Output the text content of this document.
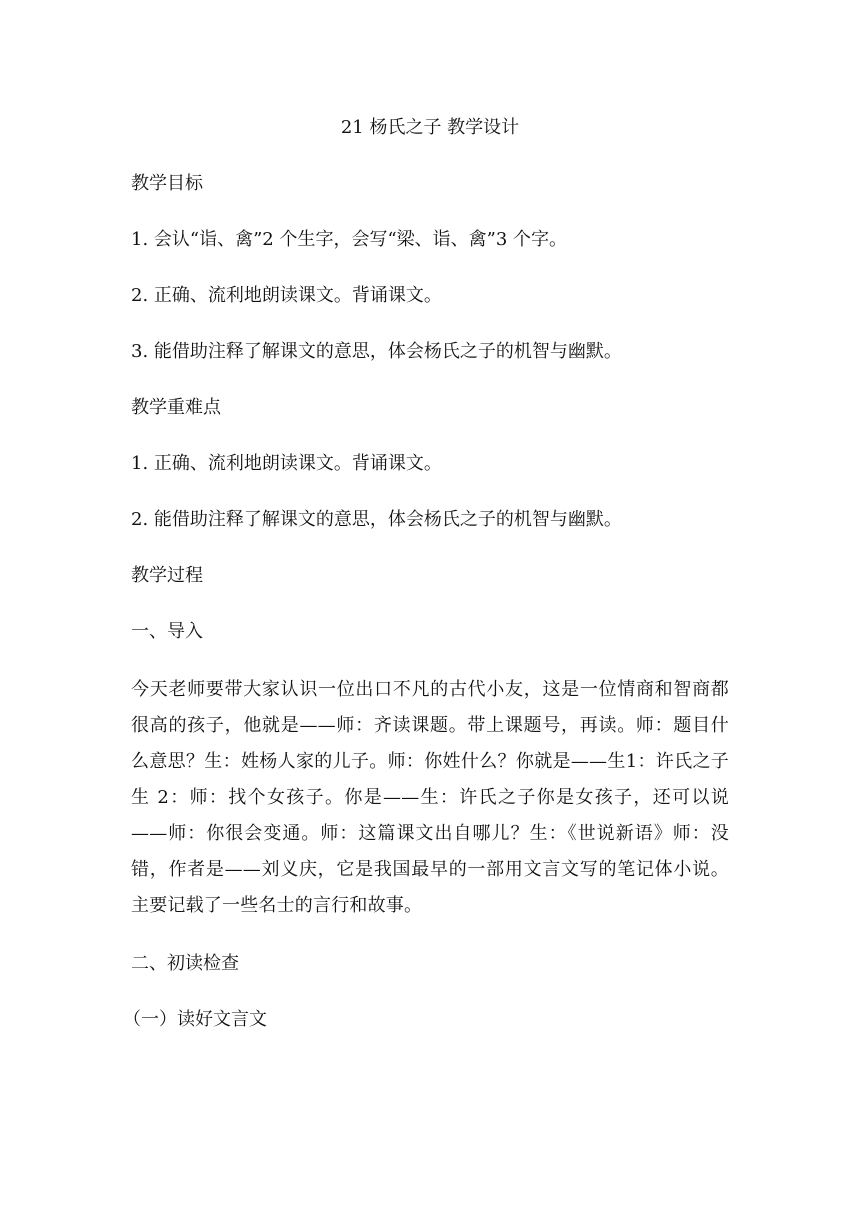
21 杨氏之子 教学设计
教学目标
1. 会认“诣、禽”2 个生字，会写“梁、诣、禽”3 个字。
2. 正确、流利地朗读课文。背诵课文。
3. 能借助注释了解课文的意思，体会杨氏之子的机智与幽默。
教学重难点
1. 正确、流利地朗读课文。背诵课文。
2. 能借助注释了解课文的意思，体会杨氏之子的机智与幽默。
教学过程
一、导入
今天老师要带大家认识一位出口不凡的古代小友，这是一位情商和智商都很高的孩子，他就是——师：齐读课题。带上课题号，再读。师：题目什么意思？生：姓杨人家的儿子。师：你姓什么？你就是——生1：许氏之子生 2：师：找个女孩子。你是——生：许氏之子你是女孩子，还可以说——师：你很会变通。师：这篇课文出自哪儿？生：《世说新语》师：没错，作者是——刘义庆，它是我国最早的一部用文言文写的笔记体小说。主要记载了一些名士的言行和故事。
二、初读检查
（一）读好文言文
